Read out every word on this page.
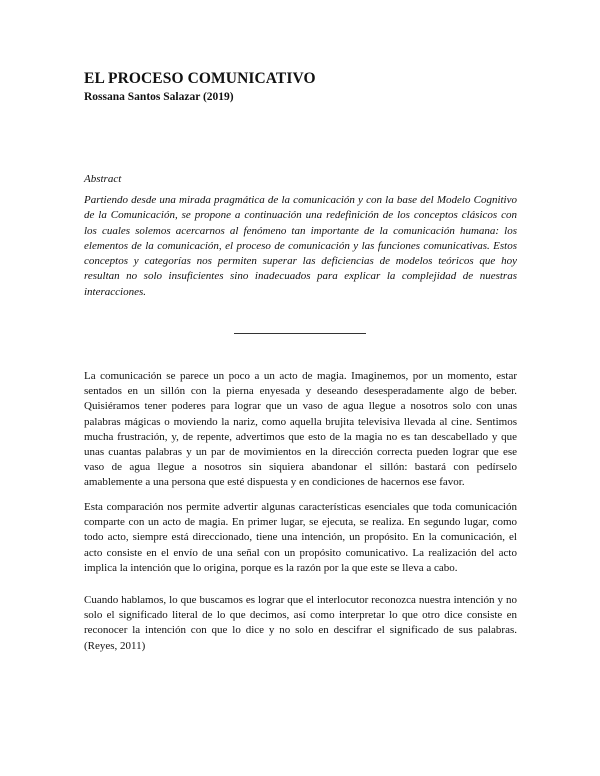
EL PROCESO COMUNICATIVO
Rossana Santos Salazar (2019)
Abstract

Partiendo desde una mirada pragmática de la comunicación y con la base del Modelo Cognitivo de la Comunicación, se propone a continuación una redefinición de los conceptos clásicos con los cuales solemos acercarnos al fenómeno tan importante de la comunicación humana: los elementos de la comunicación, el proceso de comunicación y las funciones comunicativas. Estos conceptos y categorías nos permiten superar las deficiencias de modelos teóricos que hoy resultan no solo insuficientes sino inadecuados para explicar la complejidad de nuestras interacciones.

La comunicación se parece un poco a un acto de magia. Imaginemos, por un momento, estar sentados en un sillón con la pierna enyesada y deseando desesperadamente algo de beber. Quisiéramos tener poderes para lograr que un vaso de agua llegue a nosotros solo con unas palabras mágicas o moviendo la nariz, como aquella brujita televisiva llevada al cine. Sentimos mucha frustración, y, de repente, advertimos que esto de la magia no es tan descabellado y que unas cuantas palabras y un par de movimientos en la dirección correcta pueden lograr que ese vaso de agua llegue a nosotros sin siquiera abandonar el sillón: bastará con pedírselo amablemente a una persona que esté dispuesta y en condiciones de hacernos ese favor.

Esta comparación nos permite advertir algunas características esenciales que toda comunicación comparte con un acto de magia. En primer lugar, se ejecuta, se realiza. En segundo lugar, como todo acto, siempre está direccionado, tiene una intención, un propósito. En la comunicación, el acto consiste en el envío de una señal con un propósito comunicativo. La realización del acto implica la intención que lo origina, porque es la razón por la que este se lleva a cabo.

Cuando hablamos, lo que buscamos es lograr que el interlocutor reconozca nuestra intención y no solo el significado literal de lo que decimos, así como interpretar lo que otro dice consiste en reconocer la intención con que lo dice y no solo en descifrar el significado de sus palabras. (Reyes, 2011)
